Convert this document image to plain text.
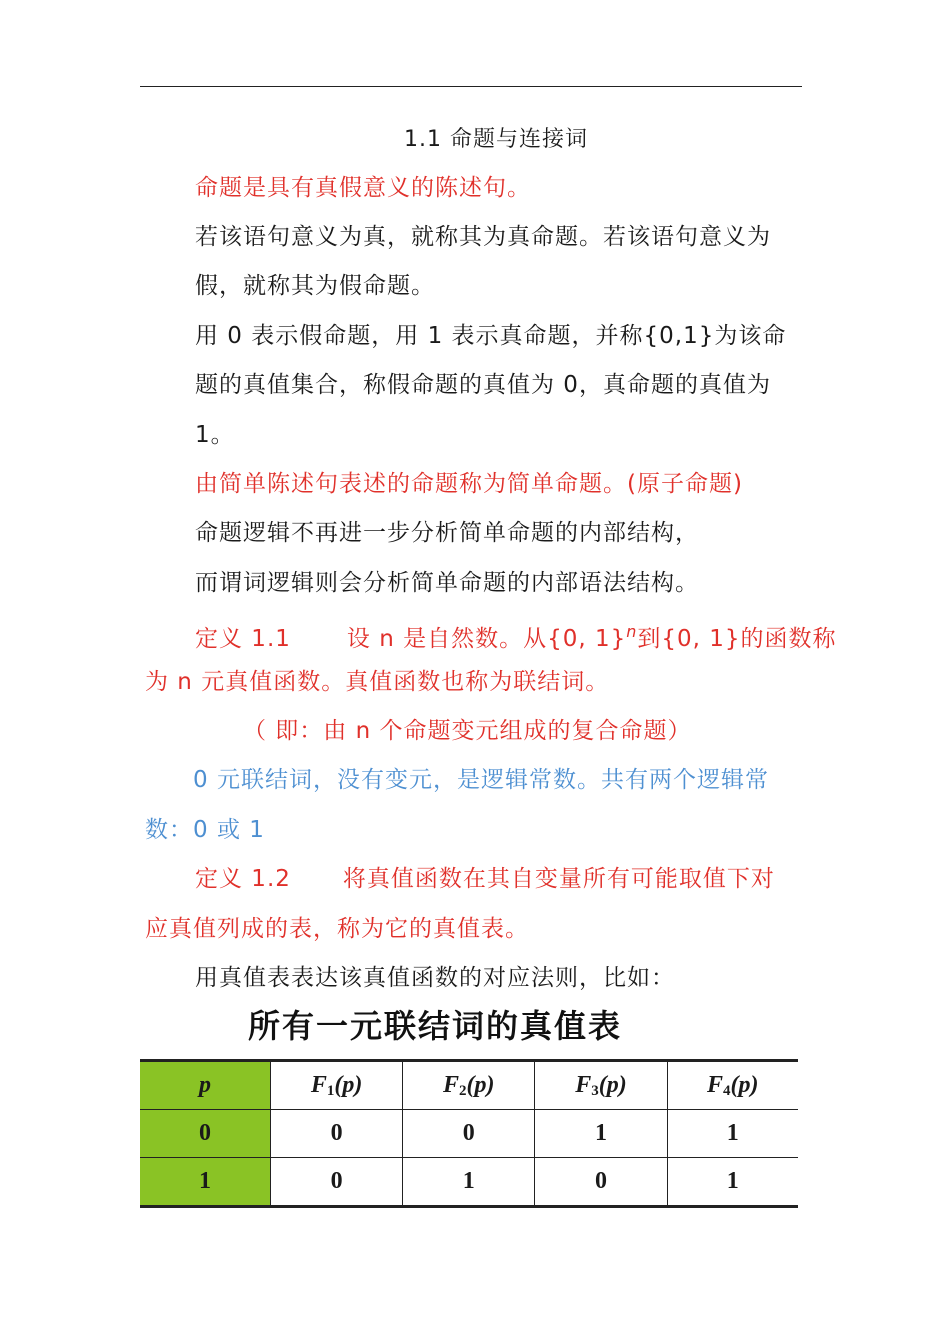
1.1 命题与连接词
命题是具有真假意义的陈述句。
若该语句意义为真，就称其为真命题。若该语句意义为
假，就称其为假命题。
用 0 表示假命题，用 1 表示真命题，并称{0,1}为该命
题的真值集合，称假命题的真值为 0，真命题的真值为
1。
由简单陈述句表述的命题称为简单命题。(原子命题)
命题逻辑不再进一步分析简单命题的内部结构，
而谓词逻辑则会分析简单命题的内部语法结构。
定义 1.1 设 n 是自然数。从{0, 1}$^n$到{0, 1}的函数称
为 n 元真值函数。真值函数也称为联结词。
（ 即：由 n 个命题变元组成的复合命题）
0 元联结词，没有变元，是逻辑常数。共有两个逻辑常
数：0 或 1
定义 1.2 将真值函数在其自变量所有可能取值下对
应真值列成的表，称为它的真值表。
用真值表表达该真值函数的对应法则，比如：
所有一元联结词的真值表
p	$F_1(p)$	$F_2(p)$	$F_3(p)$	$F_4(p)$
0	0	0	1	1
1	0	1	0	1
